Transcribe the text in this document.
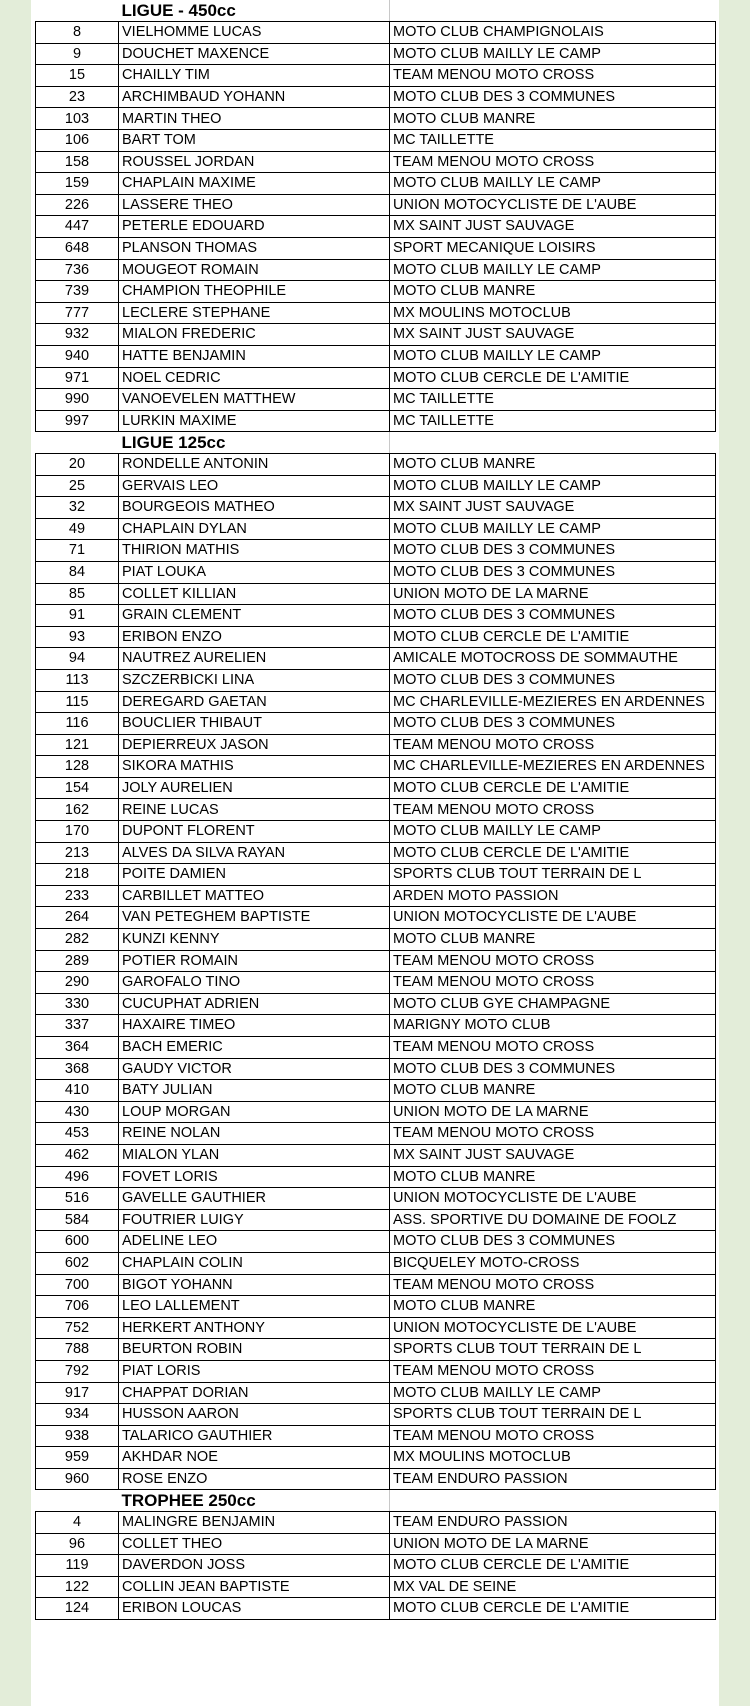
	LIGUE - 450cc	
8	VIELHOMME LUCAS	MOTO CLUB CHAMPIGNOLAIS
9	DOUCHET MAXENCE	MOTO CLUB MAILLY LE CAMP
15	CHAILLY TIM	TEAM MENOU MOTO CROSS
23	ARCHIMBAUD YOHANN	MOTO CLUB DES 3 COMMUNES
103	MARTIN THEO	MOTO CLUB MANRE
106	BART TOM	MC TAILLETTE
158	ROUSSEL JORDAN	TEAM MENOU MOTO CROSS
159	CHAPLAIN MAXIME	MOTO CLUB MAILLY LE CAMP
226	LASSERE THEO	UNION MOTOCYCLISTE DE L'AUBE
447	PETERLE EDOUARD	MX SAINT JUST SAUVAGE
648	PLANSON THOMAS	SPORT MECANIQUE LOISIRS
736	MOUGEOT ROMAIN	MOTO CLUB MAILLY LE CAMP
739	CHAMPION THEOPHILE	MOTO CLUB MANRE
777	LECLERE STEPHANE	MX MOULINS MOTOCLUB
932	MIALON FREDERIC	MX SAINT JUST SAUVAGE
940	HATTE BENJAMIN	MOTO CLUB MAILLY LE CAMP
971	NOEL CEDRIC	MOTO CLUB CERCLE DE L'AMITIE
990	VANOEVELEN MATTHEW	MC TAILLETTE
997	LURKIN MAXIME	MC TAILLETTE
	LIGUE 125cc	
20	RONDELLE ANTONIN	MOTO CLUB MANRE
25	GERVAIS LEO	MOTO CLUB MAILLY LE CAMP
32	BOURGEOIS MATHEO	MX SAINT JUST SAUVAGE
49	CHAPLAIN DYLAN	MOTO CLUB MAILLY LE CAMP
71	THIRION MATHIS	MOTO CLUB DES 3 COMMUNES
84	PIAT LOUKA	MOTO CLUB DES 3 COMMUNES
85	COLLET KILLIAN	UNION MOTO DE LA MARNE
91	GRAIN CLEMENT	MOTO CLUB DES 3 COMMUNES
93	ERIBON ENZO	MOTO CLUB CERCLE DE L'AMITIE
94	NAUTREZ AURELIEN	AMICALE MOTOCROSS DE SOMMAUTHE
113	SZCZERBICKI LINA	MOTO CLUB DES 3 COMMUNES
115	DEREGARD GAETAN	MC CHARLEVILLE-MEZIERES EN ARDENNES
116	BOUCLIER THIBAUT	MOTO CLUB DES 3 COMMUNES
121	DEPIERREUX JASON	TEAM MENOU MOTO CROSS
128	SIKORA MATHIS	MC CHARLEVILLE-MEZIERES EN ARDENNES
154	JOLY AURELIEN	MOTO CLUB CERCLE DE L'AMITIE
162	REINE LUCAS	TEAM MENOU MOTO CROSS
170	DUPONT FLORENT	MOTO CLUB MAILLY LE CAMP
213	ALVES DA SILVA RAYAN	MOTO CLUB CERCLE DE L'AMITIE
218	POITE DAMIEN	SPORTS CLUB TOUT TERRAIN DE L
233	CARBILLET MATTEO	ARDEN MOTO PASSION
264	VAN PETEGHEM BAPTISTE	UNION MOTOCYCLISTE DE L'AUBE
282	KUNZI KENNY	MOTO CLUB MANRE
289	POTIER ROMAIN	TEAM MENOU MOTO CROSS
290	GAROFALO TINO	TEAM MENOU MOTO CROSS
330	CUCUPHAT ADRIEN	MOTO CLUB GYE CHAMPAGNE
337	HAXAIRE TIMEO	MARIGNY MOTO CLUB
364	BACH EMERIC	TEAM MENOU MOTO CROSS
368	GAUDY VICTOR	MOTO CLUB DES 3 COMMUNES
410	BATY JULIAN	MOTO CLUB MANRE
430	LOUP MORGAN	UNION MOTO DE LA MARNE
453	REINE NOLAN	TEAM MENOU MOTO CROSS
462	MIALON YLAN	MX SAINT JUST SAUVAGE
496	FOVET LORIS	MOTO CLUB MANRE
516	GAVELLE GAUTHIER	UNION MOTOCYCLISTE DE L'AUBE
584	FOUTRIER LUIGY	ASS. SPORTIVE DU DOMAINE DE FOOLZ
600	ADELINE LEO	MOTO CLUB DES 3 COMMUNES
602	CHAPLAIN COLIN	BICQUELEY MOTO-CROSS
700	BIGOT YOHANN	TEAM MENOU MOTO CROSS
706	LEO LALLEMENT	MOTO CLUB MANRE
752	HERKERT ANTHONY	UNION MOTOCYCLISTE DE L'AUBE
788	BEURTON ROBIN	SPORTS CLUB TOUT TERRAIN DE L
792	PIAT LORIS	TEAM MENOU MOTO CROSS
917	CHAPPAT DORIAN	MOTO CLUB MAILLY LE CAMP
934	HUSSON AARON	SPORTS CLUB TOUT TERRAIN DE L
938	TALARICO GAUTHIER	TEAM MENOU MOTO CROSS
959	AKHDAR NOE	MX MOULINS MOTOCLUB
960	ROSE ENZO	TEAM ENDURO PASSION
	TROPHEE 250cc	
4	MALINGRE BENJAMIN	TEAM ENDURO PASSION
96	COLLET THEO	UNION MOTO DE LA MARNE
119	DAVERDON JOSS	MOTO CLUB CERCLE DE L'AMITIE
122	COLLIN JEAN BAPTISTE	MX VAL DE SEINE
124	ERIBON LOUCAS	MOTO CLUB CERCLE DE L'AMITIE
